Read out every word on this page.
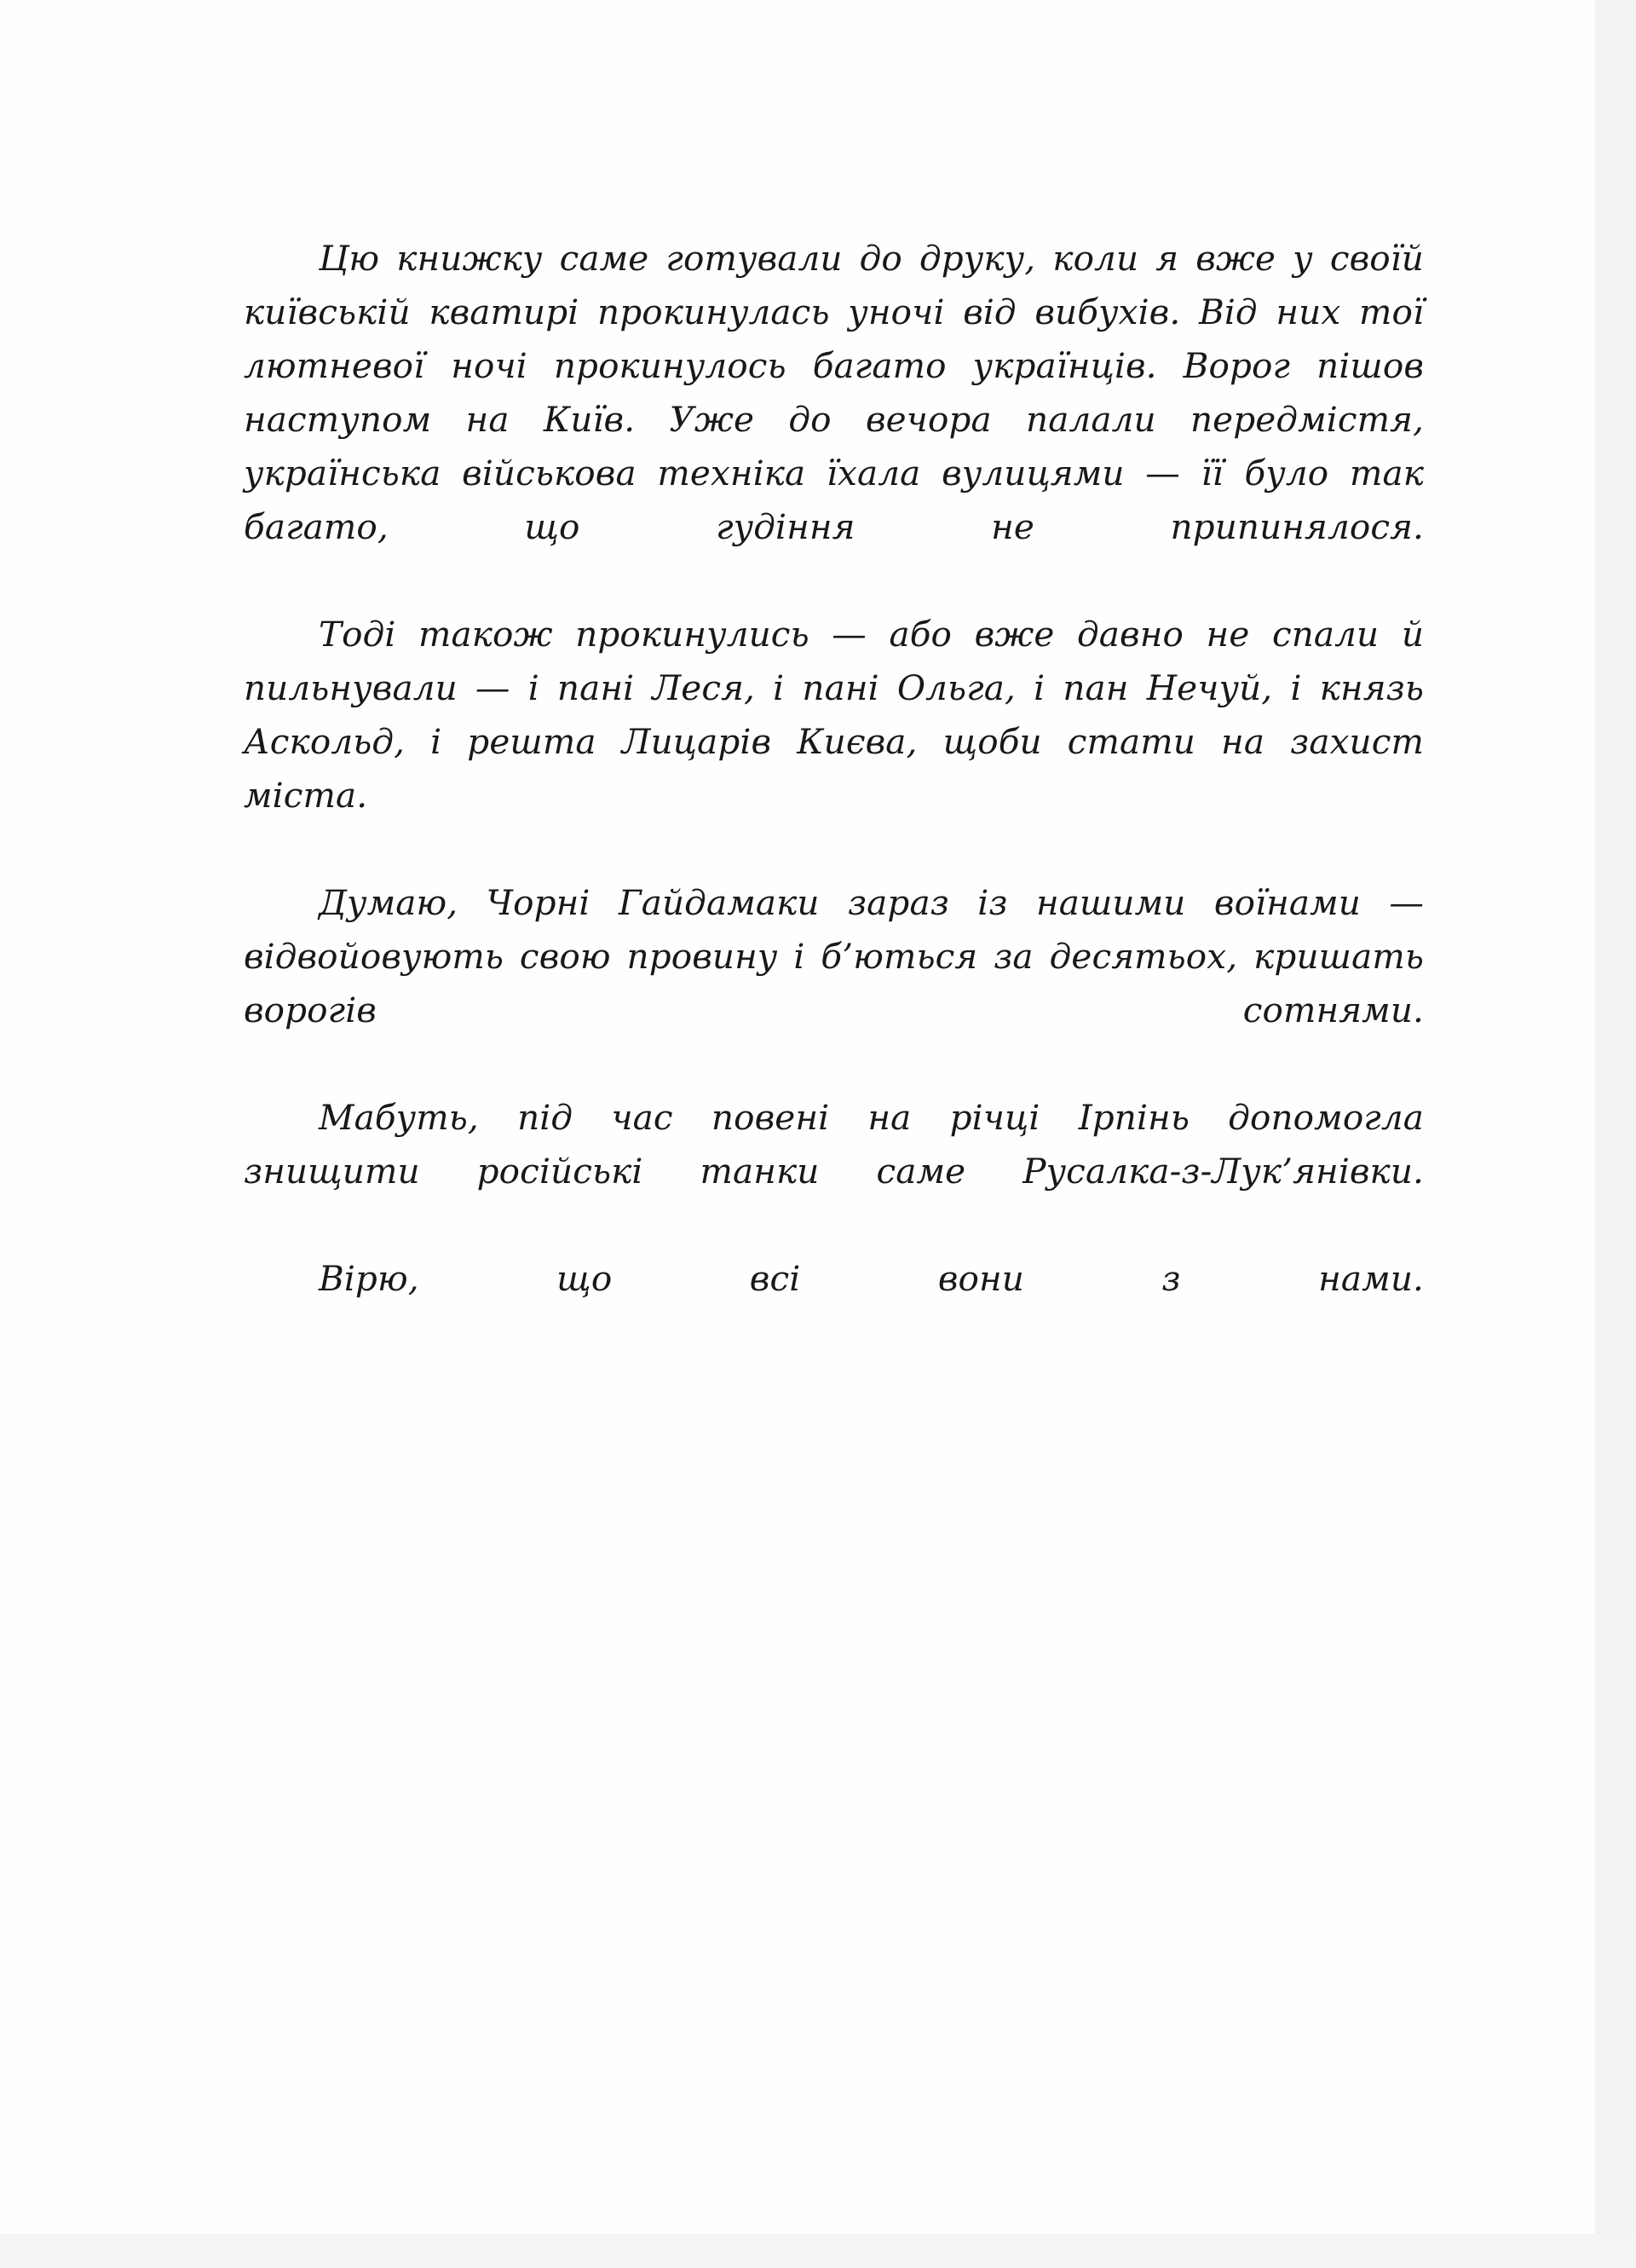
Цю книжку саме готували до друку, коли я вже у своїй київській кватирі прокинулась уночі від вибухів. Від них тої лютневої ночі прокинулось багато українців. Ворог пішов наступом на Київ. Уже до вечора палали передмістя, українська військова техніка їхала вулицями — її було так багато, що гудіння не припинялося.

Тоді також прокинулись — або вже давно не спали й пильнували — і пані Леся, і пані Ольга, і пан Нечуй, і князь Аскольд, і решта Лицарів Києва, щоби стати на захист міста.

Думаю, Чорні Гайдамаки зараз із нашими воїнами — відвойовують свою провину і б’ються за десятьох, кришать ворогів сотнями.

Мабуть, під час повені на річці Ірпінь допомогла знищити російські танки саме Русалка-з-Лук’янівки.

Вірю, що всі вони з нами.
